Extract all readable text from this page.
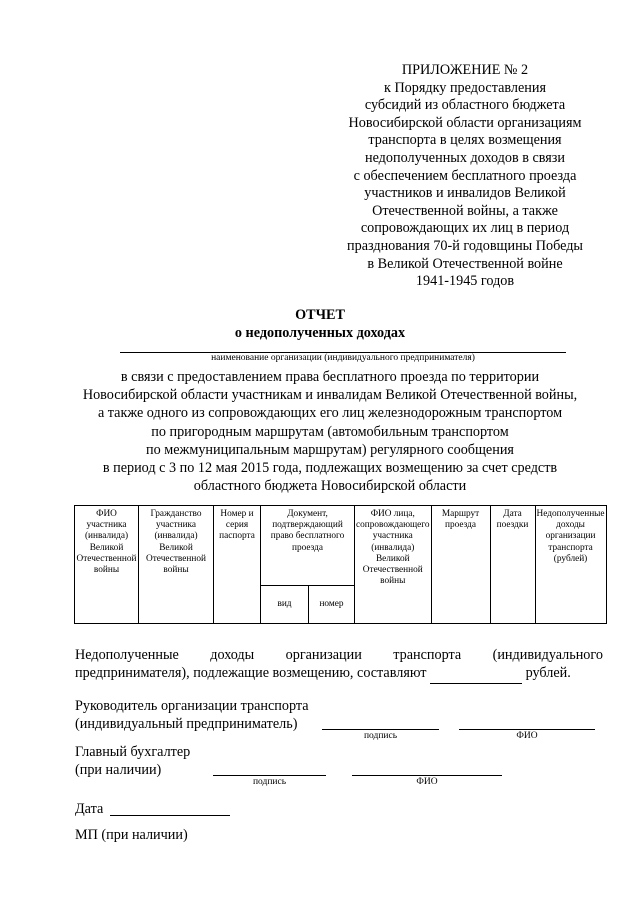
ПРИЛОЖЕНИЕ № 2
к Порядку предоставления
субсидий из областного бюджета
Новосибирской области организациям
транспорта в целях возмещения
недополученных доходов в связи
с обеспечением бесплатного проезда
участников и инвалидов Великой
Отечественной войны, а также
сопровождающих их лиц в период
празднования 70-й годовщины Победы
в Великой Отечественной войне
1941-1945 годов
ОТЧЕТ
о недополученных доходах
наименование организации (индивидуального предпринимателя)
в связи с предоставлением права бесплатного проезда по территории
Новосибирской области участникам и инвалидам Великой Отечественной войны,
а также одного из сопровождающих его лиц железнодорожным транспортом
по пригородным маршрутам (автомобильным транспортом
по межмуниципальным маршрутам) регулярного сообщения
в период с 3 по 12 мая 2015 года, подлежащих возмещению за счет средств
областного бюджета Новосибирской области
ФИО участника (инвалида) Великой Отечественной войны	Гражданство участника (инвалида) Великой Отечественной войны	Номер и серия паспорта	Документ, подтверждающий право бесплатного проезда		ФИО лица, сопровождающего участника (инвалида) Великой Отечественной войны	Маршрут проезда	Дата поездки	Недополученные доходы организации транспорта (рублей)
			вид	номер				
Недополученные доходы организации транспорта (индивидуального
предпринимателя), подлежащие возмещению, составляют	рублей.
Руководитель организации транспорта
(индивидуальный предприниматель)
подпись	ФИО
Главный бухгалтер
(при наличии)
подпись	ФИО
Дата
МП (при наличии)
